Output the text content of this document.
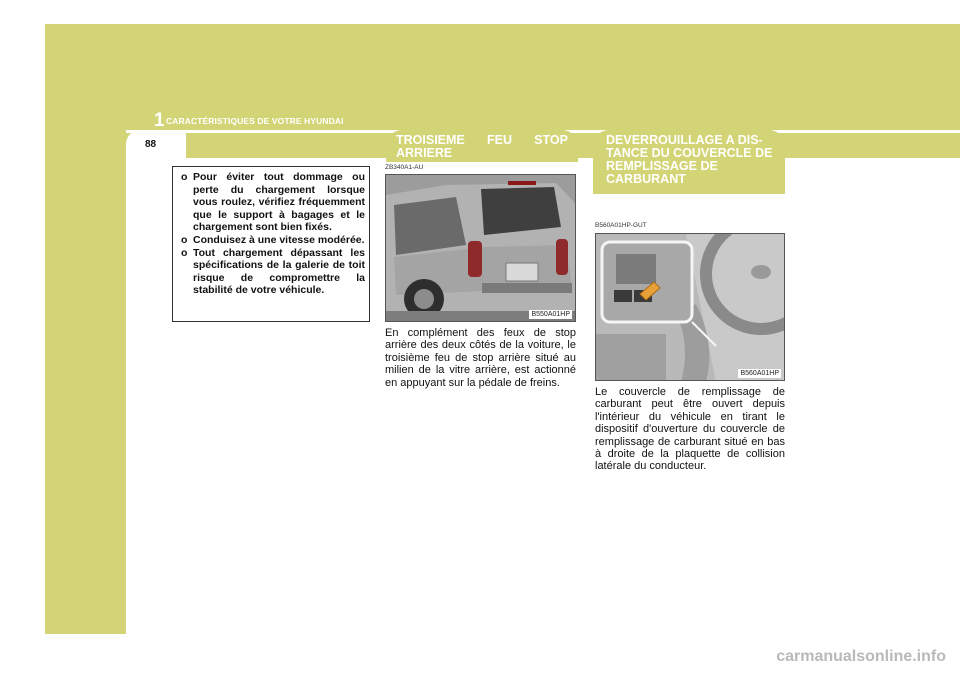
1 CARACTÉRISTIQUES DE VOTRE HYUNDAI
88
o Pour éviter tout dommage ou perte du chargement lorsque vous roulez, vérifiez fréquemment que le support à bagages et le chargement sont bien fixés.
o Conduisez à une vitesse modérée.
o Tout chargement dépassant les spécifications de la galerie de toit risque de compromettre la stabilité de votre véhicule.
TROISIEME FEU STOP ARRIERE
ZB340A1-AU
B550A01HP
En complément des feux de stop arrière des deux côtés de la voiture, le troisième feu de stop arrière situé au milien de la vitre arrière, est actionné en appuyant sur la pédale de freins.
DEVERROUILLAGE A DIS-TANCE DU COUVERCLE DE REMPLISSAGE DE CARBURANT
B560A01HP-GUT
B560A01HP
Le couvercle de remplissage de carburant peut être ouvert depuis l'intérieur du véhicule en tirant le dispositif d'ouverture du couvercle de remplissage de carburant situé en bas à droite de la plaquette de collision latérale du conducteur.
carmanualsonline.info
